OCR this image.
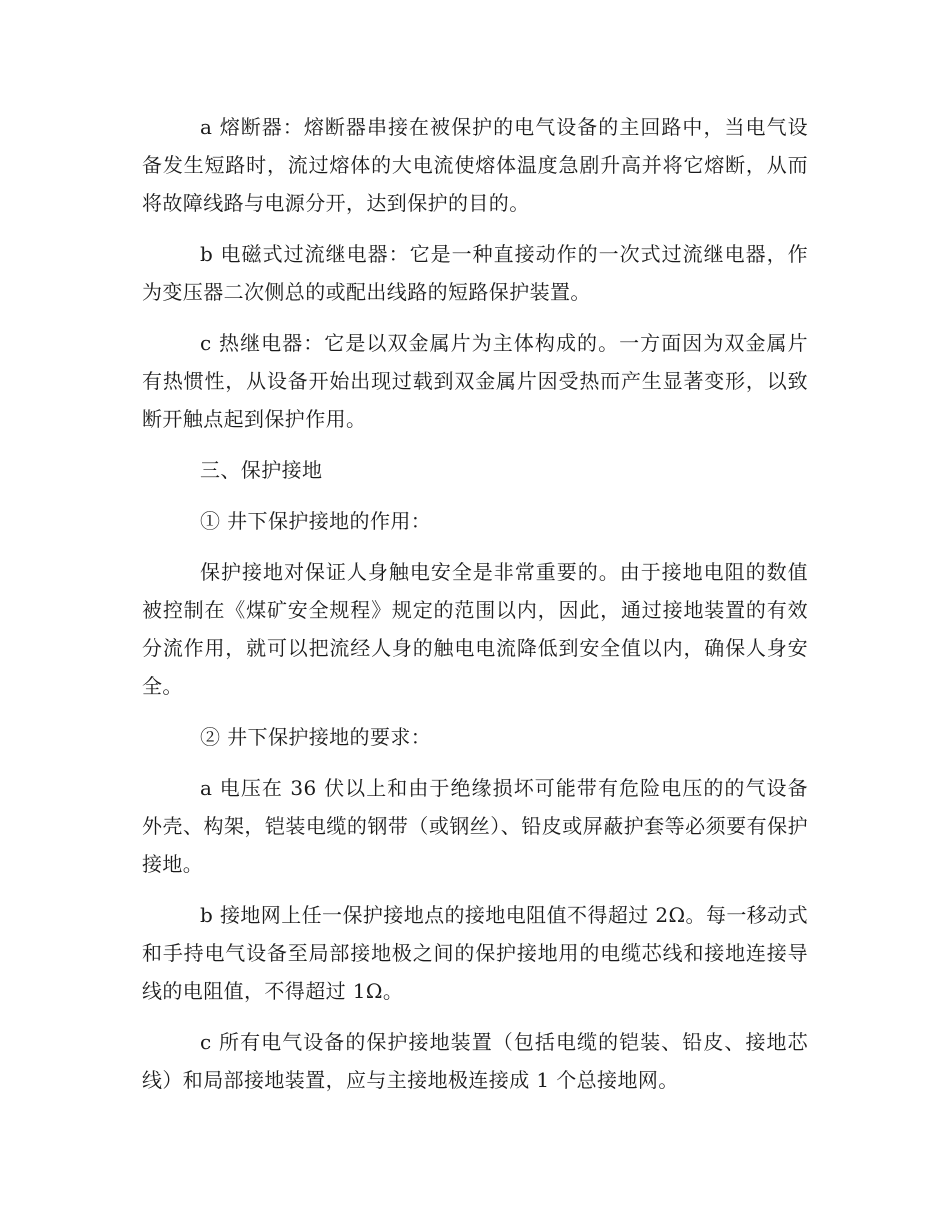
a 熔断器：熔断器串接在被保护的电气设备的主回路中，当电气设备发生短路时，流过熔体的大电流使熔体温度急剧升高并将它熔断，从而将故障线路与电源分开，达到保护的目的。

b 电磁式过流继电器：它是一种直接动作的一次式过流继电器，作为变压器二次侧总的或配出线路的短路保护装置。

c 热继电器：它是以双金属片为主体构成的。一方面因为双金属片有热惯性，从设备开始出现过载到双金属片因受热而产生显著变形，以致断开触点起到保护作用。

三、保护接地

① 井下保护接地的作用：

保护接地对保证人身触电安全是非常重要的。由于接地电阻的数值被控制在《煤矿安全规程》规定的范围以内，因此，通过接地装置的有效分流作用，就可以把流经人身的触电电流降低到安全值以内，确保人身安全。

② 井下保护接地的要求：

a 电压在 36 伏以上和由于绝缘损坏可能带有危险电压的的气设备外壳、构架，铠装电缆的钢带（或钢丝）、铅皮或屏蔽护套等必须要有保护接地。

b 接地网上任一保护接地点的接地电阻值不得超过 2Ω。每一移动式和手持电气设备至局部接地极之间的保护接地用的电缆芯线和接地连接导线的电阻值，不得超过 1Ω。

c 所有电气设备的保护接地装置（包括电缆的铠装、铅皮、接地芯线）和局部接地装置，应与主接地极连接成 1 个总接地网。
